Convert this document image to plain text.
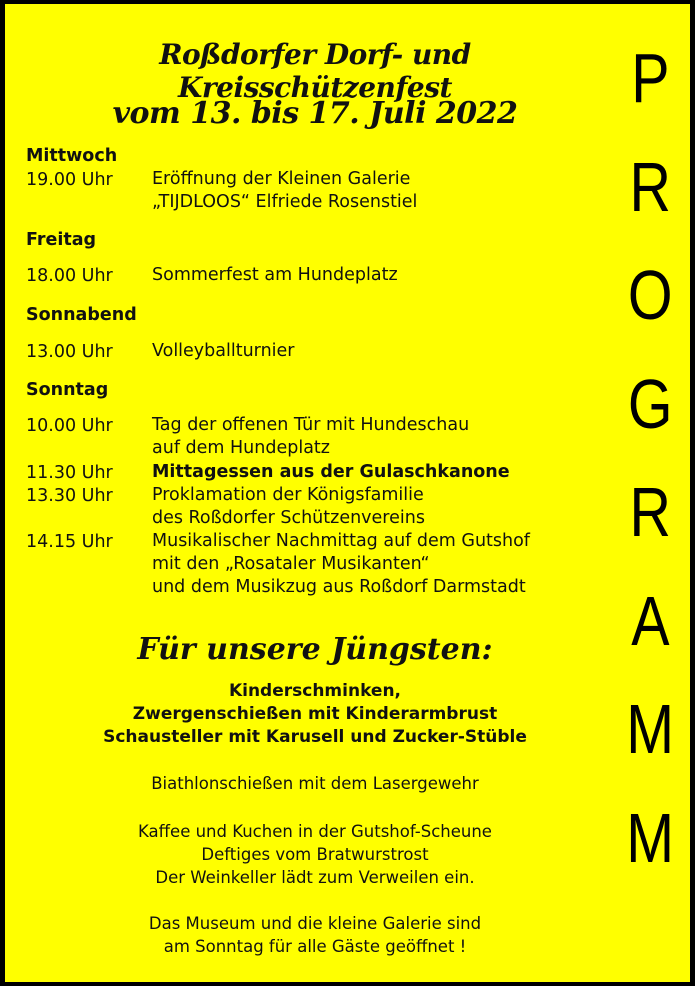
Roßdorfer Dorf- und Kreisschützenfest
vom 13. bis 17. Juli 2022
Mittwoch
19.00 Uhr Eröffnung der Kleinen Galerie
„TIJDLOOS“ Elfriede Rosenstiel
Freitag
18.00 Uhr Sommerfest am Hundeplatz
Sonnabend
13.00 Uhr Volleyballturnier
Sonntag
10.00 Uhr Tag der offenen Tür mit Hundeschau
auf dem Hundeplatz
11.30 Uhr Mittagessen aus der Gulaschkanone
13.30 Uhr Proklamation der Königsfamilie
des Roßdorfer Schützenvereins
14.15 Uhr Musikalischer Nachmittag auf dem Gutshof
mit den „Rosataler Musikanten“
und dem Musikzug aus Roßdorf Darmstadt
Für unsere Jüngsten:
Kinderschminken,
Zwergenschießen mit Kinderarmbrust
Schausteller mit Karusell und Zucker-Stüble
Biathlonschießen mit dem Lasergewehr
Kaffee und Kuchen in der Gutshof-Scheune
Deftiges vom Bratwurstrost
Der Weinkeller lädt zum Verweilen ein.
Das Museum und die kleine Galerie sind
am Sonntag für alle Gäste geöffnet !
P
R
O
G
R
A
M
M
